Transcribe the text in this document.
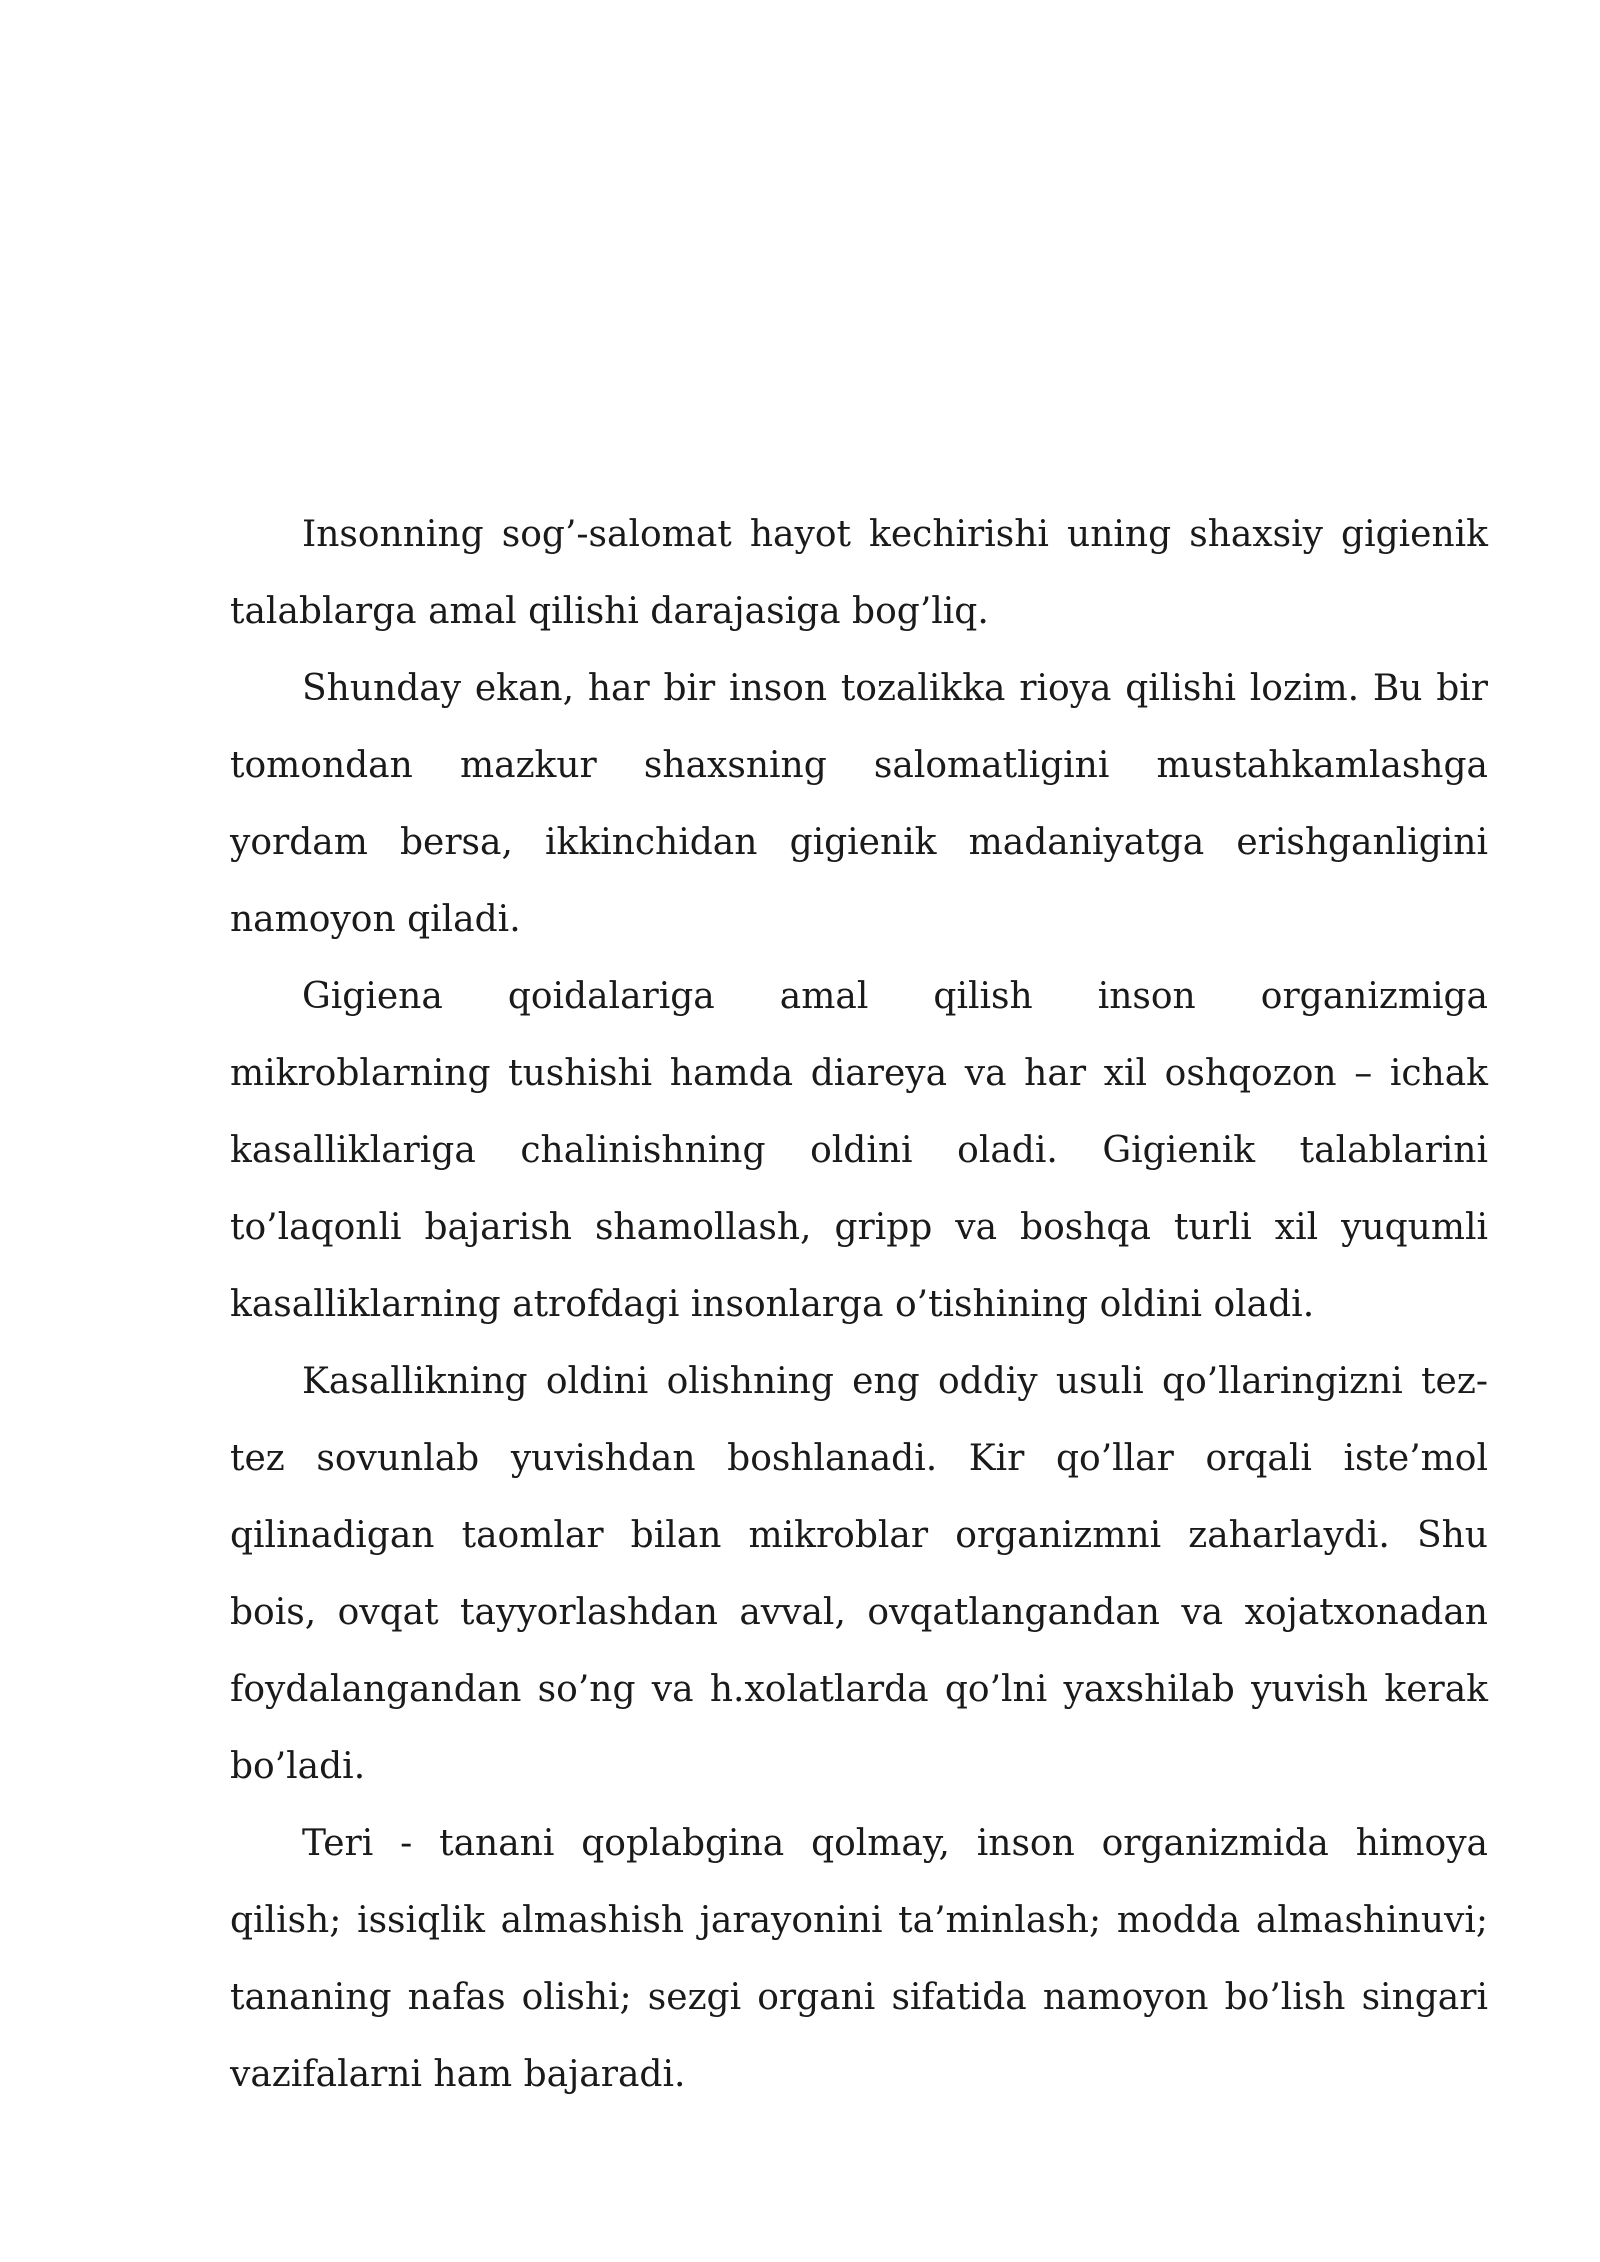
Insonning sog’-salomat hayot kechirishi uning shaxsiy gigienik talablarga amal qilishi darajasiga bog’liq.

Shunday ekan, har bir inson tozalikka rioya qilishi lozim. Bu bir tomondan mazkur shaxsning salomatligini mustahkamlashga yordam bersa, ikkinchidan gigienik madaniyatga erishganligini namoyon qiladi.

Gigiena qoidalariga amal qilish inson organizmiga mikroblarning tushishi hamda diareya va har xil oshqozon – ichak kasalliklariga chalinishning oldini oladi. Gigienik talablarini to’laqonli bajarish shamollash, gripp va boshqa turli xil yuqumli kasalliklarning atrofdagi insonlarga o’tishining oldini oladi.

Kasallikning oldini olishning eng oddiy usuli qo’llaringizni tez-tez sovunlab yuvishdan boshlanadi. Kir qo’llar orqali iste’mol qilinadigan taomlar bilan mikroblar organizmni zaharlaydi. Shu bois, ovqat tayyorlashdan avval, ovqatlangandan va xojatxonadan foydalangandan so’ng va h.xolatlarda qo’lni yaxshilab yuvish kerak bo’ladi.

Teri - tanani qoplabgina qolmay, inson organizmida himoya qilish; issiqlik almashish jarayonini ta’minlash; modda almashinuvi; tananing nafas olishi; sezgi organi sifatida namoyon bo’lish singari vazifalarni ham bajaradi.
